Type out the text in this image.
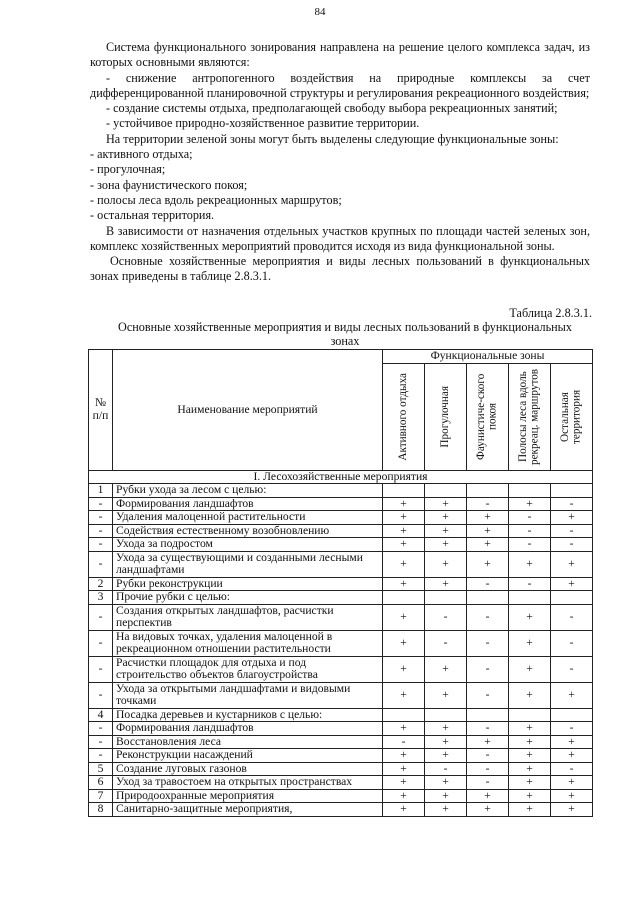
84

Система функционального зонирования направлена на решение целого комплекса задач, из которых основными являются:

- снижение антропогенного воздействия на природные комплексы за счет дифференцированной планировочной структуры и регулирования рекреационного воздействия;

- создание системы отдыха, предполагающей свободу выбора рекреационных занятий;

- устойчивое природно-хозяйственное развитие территории.

На территории зеленой зоны могут быть выделены следующие функциональные зоны:

- активного отдыха;

- прогулочная;

- зона фаунистического покоя;

- полосы леса вдоль рекреационных маршрутов;

- остальная территория.

В зависимости от назначения отдельных участков крупных по площади частей зеленых зон, комплекс хозяйственных мероприятий проводится исходя из вида функциональной зоны.

Основные хозяйственные мероприятия и виды лесных пользований в функциональных зонах приведены в таблице 2.8.3.1.

Таблица 2.8.3.1.
Основные хозяйственные мероприятия и виды лесных пользований в функциональных зонах
№ п/п	Наименование мероприятий	Функциональные зоны				

		Активного отдыха	Прогулочная	Фаунистиче-ского покоя	Полосы леса вдоль рекреац. маршрутов	Остальная территория

I. Лесохозяйственные мероприятия						
1	Рубки ухода за лесом с целью:					
-	Формирования ландшафтов	+	+	-	+	-
-	Удаления малоценной растительности	+	+	+	-	+
-	Содействия естественному возобновлению	+	+	+	-	-
-	Ухода за подростом	+	+	+	-	-
-	Ухода за существующими и созданными лесными ландшафтами	+	+	+	+	+
2	Рубки реконструкции	+	+	-	-	+
3	Прочие рубки с целью:					
-	Создания открытых ландшафтов, расчистки перспектив	+	-	-	+	-
-	На видовых точках, удаления малоценной в рекреационном отношении растительности	+	-	-	+	-
-	Расчистки площадок для отдыха и под строительство объектов благоустройства	+	+	-	+	-
-	Ухода за открытыми ландшафтами и видовыми точками	+	+	-	+	+
4	Посадка деревьев и кустарников с целью:					
-	Формирования ландшафтов	+	+	-	+	-
-	Восстановления леса	-	+	+	+	+
-	Реконструкции насаждений	+	+	-	+	+
5	Создание луговых газонов	+	-	-	+	-
6	Уход за травостоем на открытых пространствах	+	+	-	+	+
7	Природоохранные мероприятия	+	+	+	+	+
8	Санитарно-защитные мероприятия,	+	+	+	+	+
